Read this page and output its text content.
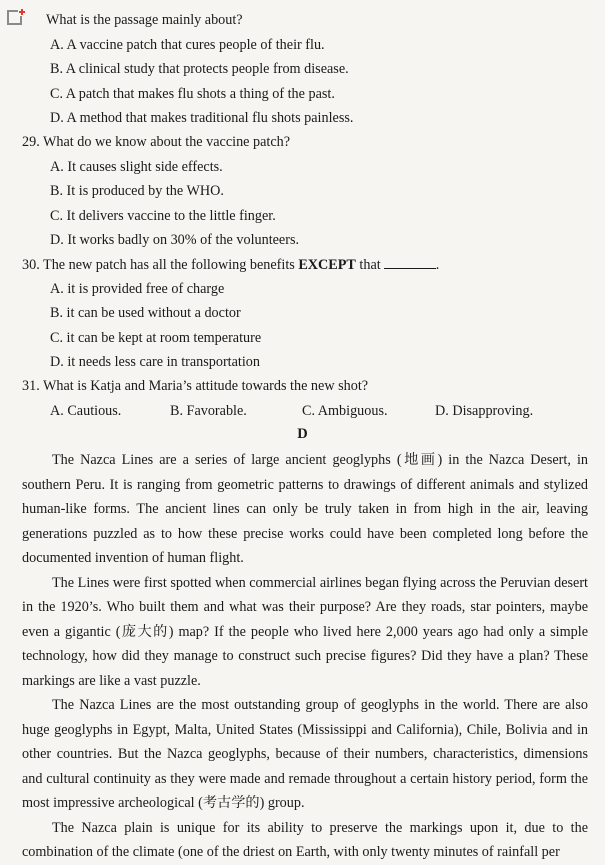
What is the passage mainly about?
A. A vaccine patch that cures people of their flu.
B. A clinical study that protects people from disease.
C. A patch that makes flu shots a thing of the past.
D. A method that makes traditional flu shots painless.
29. What do we know about the vaccine patch?
A. It causes slight side effects.
B. It is produced by the WHO.
C. It delivers vaccine to the little finger.
D. It works badly on 30% of the volunteers.
30. The new patch has all the following benefits EXCEPT that	.
A. it is provided free of charge
B. it can be used without a doctor
C. it can be kept at room temperature
D. it needs less care in transportation
31. What is Katja and Maria’s attitude towards the new shot?
A. Cautious.	B. Favorable.	C. Ambiguous.	D. Disapproving.
D

The Nazca Lines are a series of large ancient geoglyphs (地画) in the Nazca Desert, in southern Peru. It is ranging from geometric patterns to drawings of different animals and stylized human-like forms. The ancient lines can only be truly taken in from high in the air, leaving generations puzzled as to how these precise works could have been completed long before the documented invention of human flight.

The Lines were first spotted when commercial airlines began flying across the Peruvian desert in the 1920’s. Who built them and what was their purpose? Are they roads, star pointers, maybe even a gigantic (庞大的) map? If the people who lived here 2,000 years ago had only a simple technology, how did they manage to construct such precise figures? Did they have a plan? These markings are like a vast puzzle.

The Nazca Lines are the most outstanding group of geoglyphs in the world. There are also huge geoglyphs in Egypt, Malta, United States (Mississippi and California), Chile, Bolivia and in other countries. But the Nazca geoglyphs, because of their numbers, characteristics, dimensions and cultural continuity as they were made and remade throughout a certain history period, form the most impressive archeological (考古学的) group.

The Nazca plain is unique for its ability to preserve the markings upon it, due to the combination of the climate (one of the driest on Earth, with only twenty minutes of rainfall per
